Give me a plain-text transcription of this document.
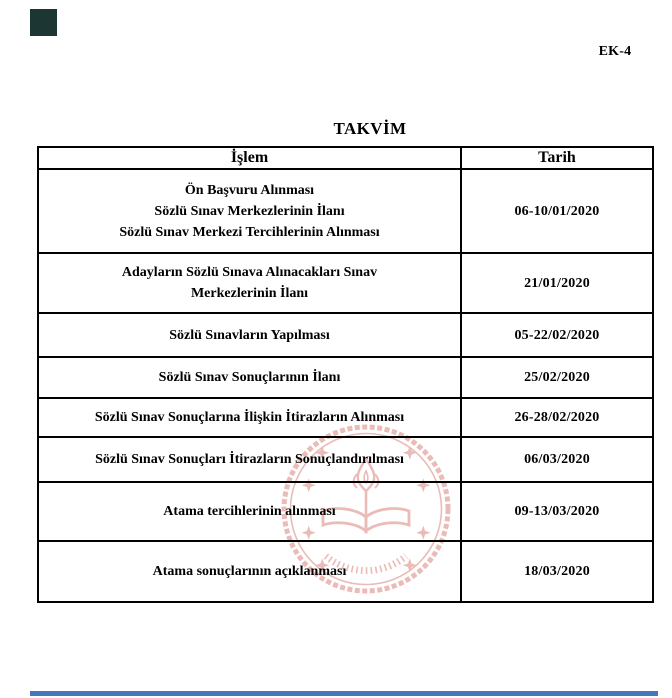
EK-4
TAKVİM
İşlem	Tarih

Ön Başvuru Alınması
Sözlü Sınav Merkezlerinin İlanı
Sözlü Sınav Merkezi Tercihlerinin Alınması	06-10/01/2020

Adayların Sözlü Sınava Alınacakları Sınav
Merkezlerinin İlanı	21/01/2020

Sözlü Sınavların Yapılması	05-22/02/2020

Sözlü Sınav Sonuçlarının İlanı	25/02/2020

Sözlü Sınav Sonuçlarına İlişkin İtirazların Alınması	26-28/02/2020

Sözlü Sınav Sonuçları İtirazların Sonuçlandırılması	06/03/2020

Atama tercihlerinin alınması	09-13/03/2020

Atama sonuçlarının açıklanması	18/03/2020
